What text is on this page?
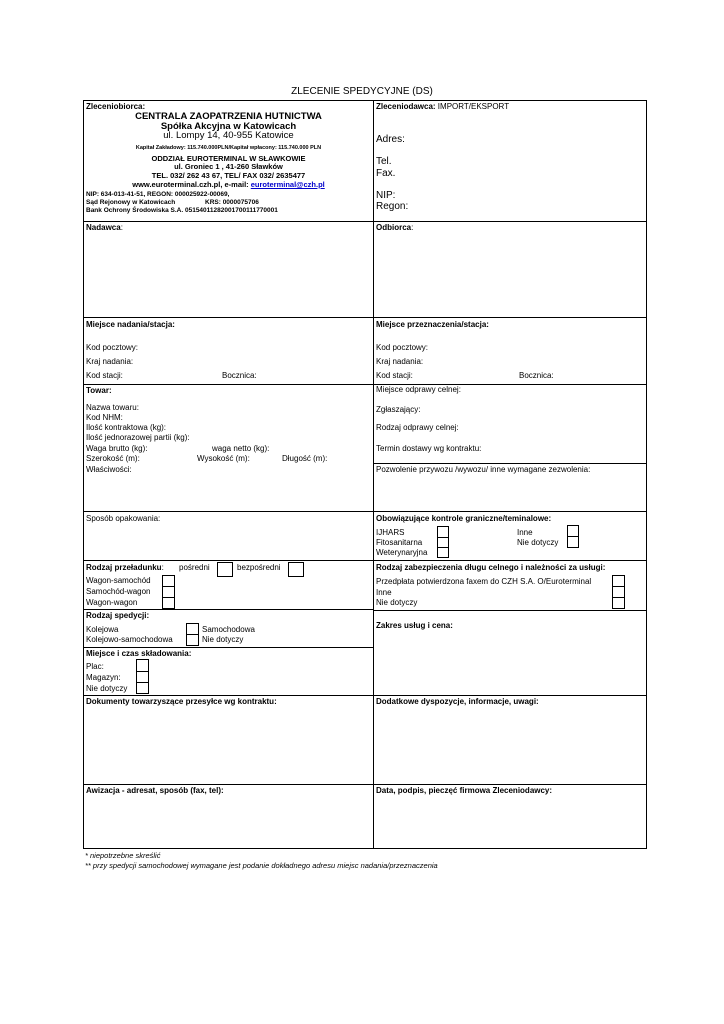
ZLECENIE SPEDYCYJNE (DS)
Zleceniobiorca:
CENTRALA ZAOPATRZENIA HUTNICTWA
Spółka Akcyjna w Katowicach
ul. Lompy 14, 40-955 Katowice
Kapitał Zakładowy: 115.740.000PLN/Kapitał wpłacony: 115.740.000 PLN
ODDZIAŁ EUROTERMINAL W SŁAWKOWIE
ul. Groniec 1 , 41-260 Sławków
TEL. 032/ 262 43 67, TEL/ FAX 032/ 2635477
www.euroterminal.czh.pl, e-mail: euroterminal@czh.pl
NIP: 634-013-41-51, REGON: 000025922-00069,
Sąd Rejonowy w Katowicach	KRS: 0000075706
Bank Ochrony Środowiska S.A. 05154011282001700111770001
Zleceniodawca: IMPORT/EKSPORT
Adres:
Tel.
Fax.
NIP:
Regon:
Nadawca:	Odbiorca:
Miejsce nadania/stacja:
Kod pocztowy:
Kraj nadania:
Kod stacji:	Bocznica:
Miejsce przeznaczenia/stacja:
Kod pocztowy:
Kraj nadania:
Kod stacji:	Bocznica:
Towar:
Nazwa towaru:
Kod NHM:
Ilość kontraktowa (kg):
Ilość jednorazowej partii (kg):
Waga brutto (kg):	waga netto (kg):
Szerokość (m):	Wysokość (m):	Długość (m):
Właściwości:
Miejsce odprawy celnej:
Zgłaszający:
Rodzaj odprawy celnej:
Termin dostawy wg kontraktu:
Pozwolenie przywozu /wywozu/ inne wymagane zezwolenia:
Sposób opakowania:	Obowiązujące kontrole graniczne/teminalowe:
IJHARS
Fitosanitarna
Weterynaryjna
Inne
Nie dotyczy
Rodzaj przeładunku: pośredni	bezpośredni
Wagon-samochód
Samochód-wagon
Wagon-wagon
Rodzaj zabezpieczenia długu celnego i należności za usługi:
Przedpłata potwierdzona faxem do CZH S.A. O/Euroterminal
Inne
Nie dotyczy
Rodzaj spedycji:
Kolejowa
Kolejowo-samochodowa
Samochodowa
Nie dotyczy
Zakres usług i cena:
Miejsce i czas składowania:
Plac:
Magazyn:
Nie dotyczy
Dokumenty towarzyszące przesyłce wg kontraktu:	Dodatkowe dyspozycje, informacje, uwagi:
Awizacja - adresat, sposób (fax, tel):	Data, podpis, pieczęć firmowa Zleceniodawcy:
* niepotrzebne skreślić
** przy spedycji samochodowej wymagane jest podanie dokładnego adresu miejsc nadania/przeznaczenia
